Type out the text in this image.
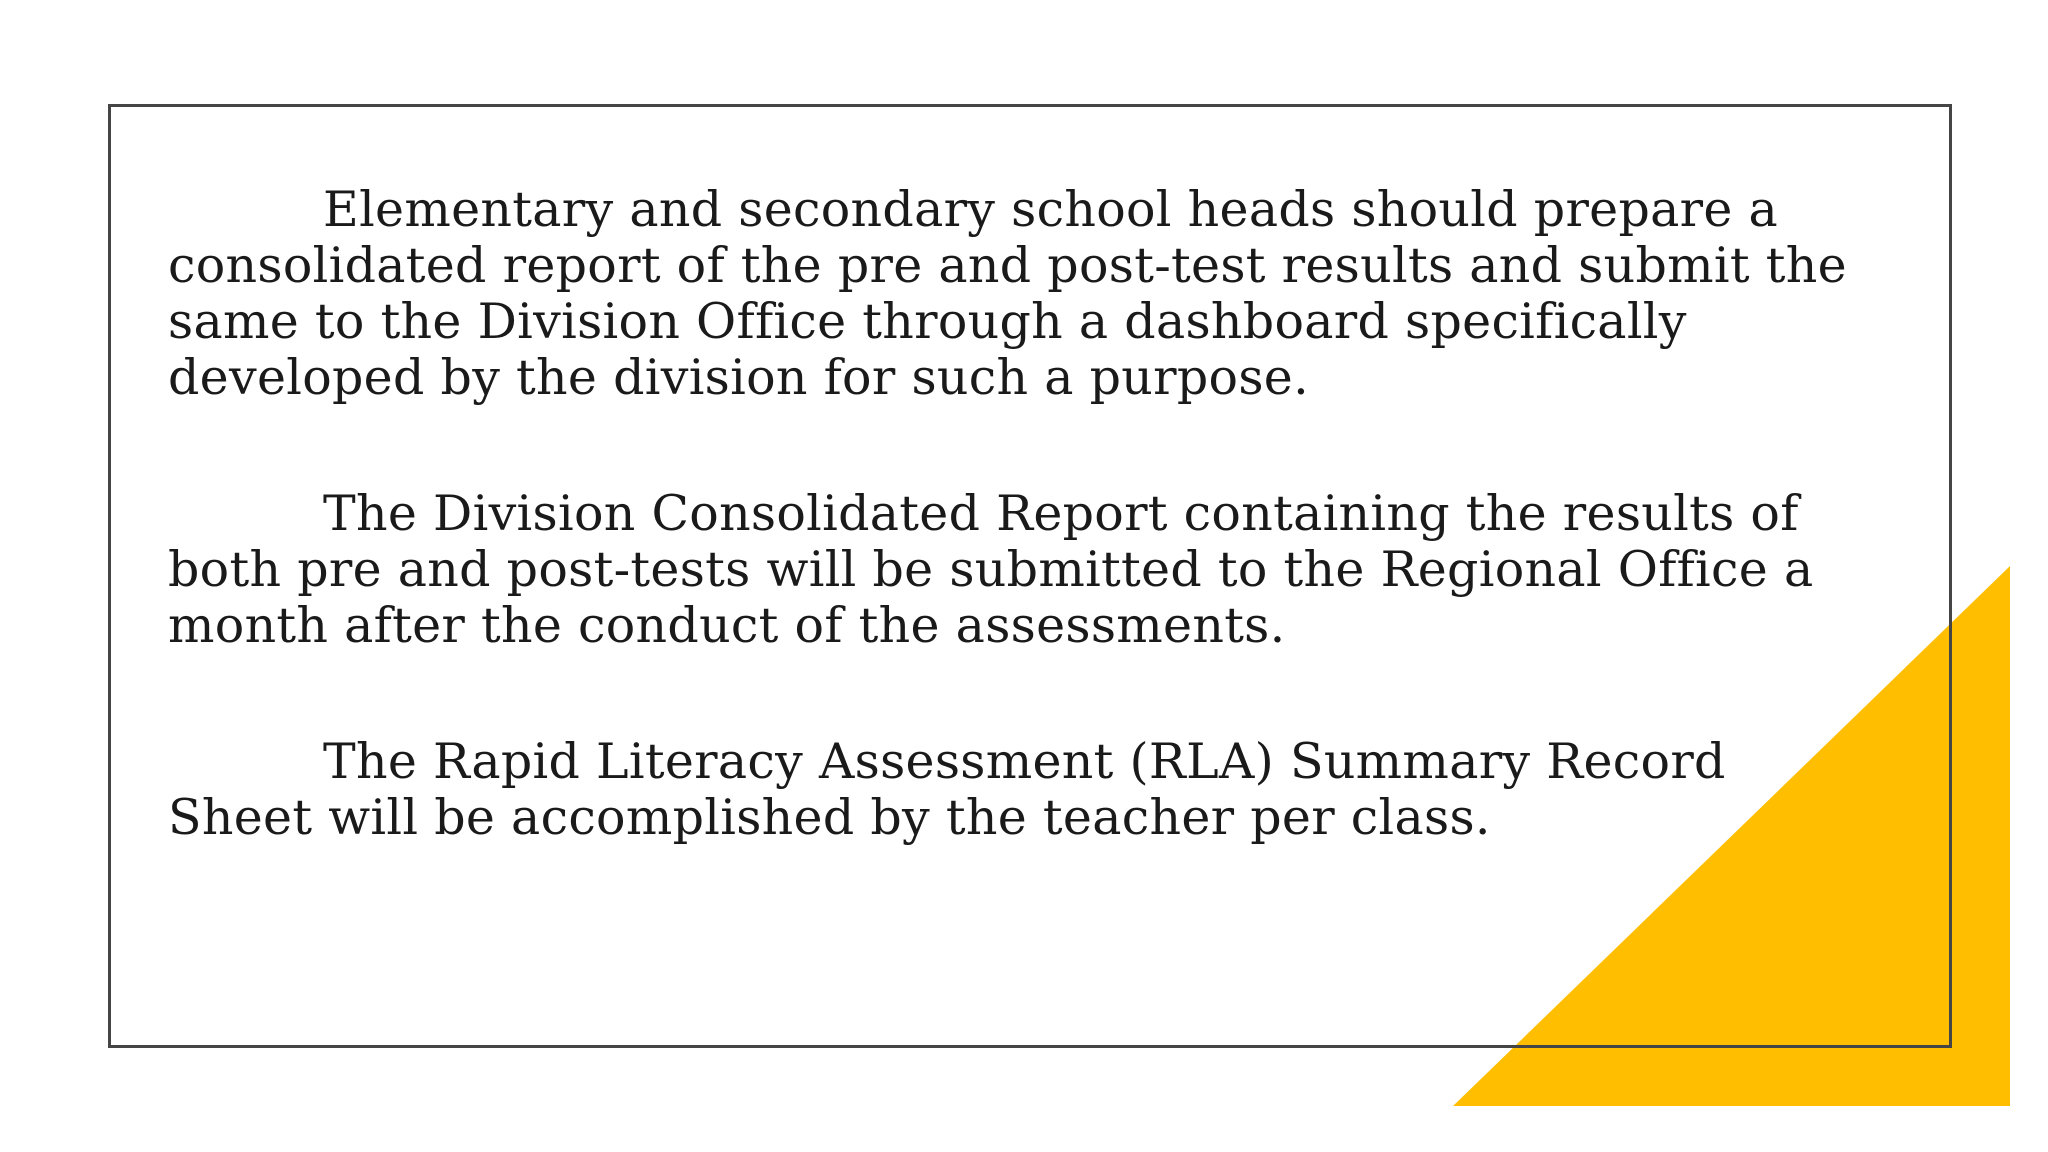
Elementary and secondary school heads should prepare a
consolidated report of the pre and post-test results and submit the
same to the Division Office through a dashboard specifically
developed by the division for such a purpose.

The Division Consolidated Report containing the results of
both pre and post-tests will be submitted to the Regional Office a
month after the conduct of the assessments.

The Rapid Literacy Assessment (RLA) Summary Record
Sheet will be accomplished by the teacher per class.
